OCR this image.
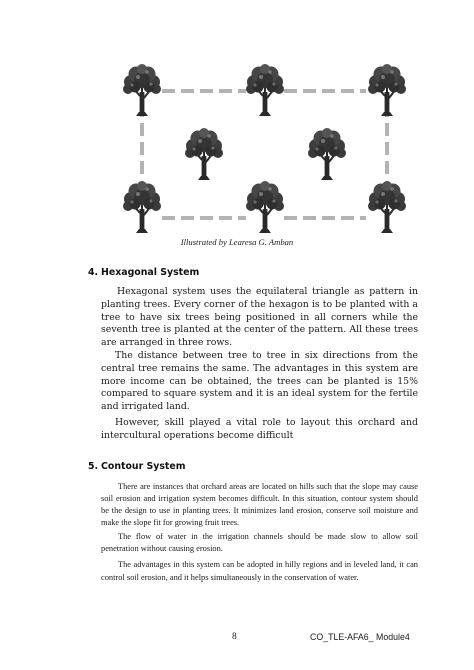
Illustrated by Learesa G. Amban
4. Hexagonal System

Hexagonal system uses the equilateral triangle as pattern in planting trees. Every corner of the hexagon is to be planted with a tree to have six trees being positioned in all corners while the seventh tree is planted at the center of the pattern. All these trees are arranged in three rows.

The distance between tree to tree in six directions from the central tree remains the same. The advantages in this system are more income can be obtained, the trees can be planted is 15% compared to square system and it is an ideal system for the fertile and irrigated land.

However, skill played a vital role to layout this orchard and intercultural operations become difficult

5. Contour System

There are instances that orchard areas are located on hills such that the slope may cause soil erosion and irrigation system becomes difficult. In this situation, contour system should be the design to use in planting trees. It minimizes land erosion, conserve soil moisture and make the slope fit for growing fruit trees.

The flow of water in the irrigation channels should be made slow to allow soil penetration without causing erosion.

The advantages in this system can be adopted in hilly regions and in leveled land, it can control soil erosion, and it helps simultaneously in the conservation of water.

8	CO_TLE-AFA6_ Module4
